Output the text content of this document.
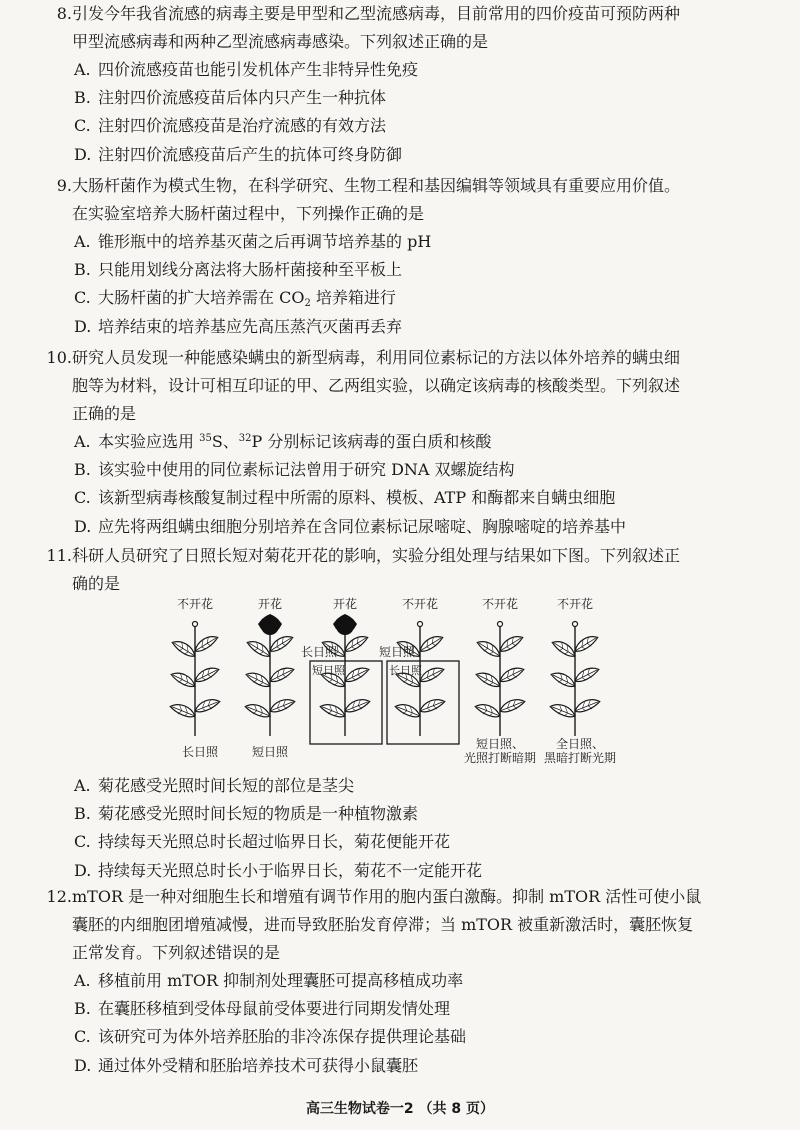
8.引发今年我省流感的病毒主要是甲型和乙型流感病毒，目前常用的四价疫苗可预防两种
甲型流感病毒和两种乙型流感病毒感染。下列叙述正确的是
A. 四价流感疫苗也能引发机体产生非特异性免疫
B. 注射四价流感疫苗后体内只产生一种抗体
C. 注射四价流感疫苗是治疗流感的有效方法
D. 注射四价流感疫苗后产生的抗体可终身防御
9.大肠杆菌作为模式生物，在科学研究、生物工程和基因编辑等领域具有重要应用价值。
在实验室培养大肠杆菌过程中，下列操作正确的是
A. 锥形瓶中的培养基灭菌之后再调节培养基的 pH
B. 只能用划线分离法将大肠杆菌接种至平板上
C. 大肠杆菌的扩大培养需在 $CO_2$ 培养箱进行
D. 培养结束的培养基应先高压蒸汽灭菌再丢弃
10.研究人员发现一种能感染螨虫的新型病毒，利用同位素标记的方法以体外培养的螨虫细
胞等为材料，设计可相互印证的甲、乙两组实验，以确定该病毒的核酸类型。下列叙述
正确的是
A. 本实验应选用 $^{35}$S、$^{32}$P 分别标记该病毒的蛋白质和核酸
B. 该实验中使用的同位素标记法曾用于研究 DNA 双螺旋结构
C. 该新型病毒核酸复制过程中所需的原料、模板、ATP 和酶都来自螨虫细胞
D. 应先将两组螨虫细胞分别培养在含同位素标记尿嘧啶、胸腺嘧啶的培养基中
11.科研人员研究了日照长短对菊花开花的影响，实验分组处理与结果如下图。下列叙述正
确的是
不开花	开花	开花	不开花	不开花	不开花
长日照
短日照
短日照
长日照
长日照	短日照
短日照、
光照打断暗期
全日照、
黑暗打断光期
A. 菊花感受光照时间长短的部位是茎尖
B. 菊花感受光照时间长短的物质是一种植物激素
C. 持续每天光照总时长超过临界日长，菊花便能开花
D. 持续每天光照总时长小于临界日长，菊花不一定能开花
12.mTOR 是一种对细胞生长和增殖有调节作用的胞内蛋白激酶。抑制 mTOR 活性可使小鼠
囊胚的内细胞团增殖减慢，进而导致胚胎发育停滞；当 mTOR 被重新激活时，囊胚恢复
正常发育。下列叙述错误的是
A. 移植前用 mTOR 抑制剂处理囊胚可提高移植成功率
B. 在囊胚移植到受体母鼠前受体要进行同期发情处理
C. 该研究可为体外培养胚胎的非冷冻保存提供理论基础
D. 通过体外受精和胚胎培养技术可获得小鼠囊胚
高三生物试卷一2 （共 8 页）
